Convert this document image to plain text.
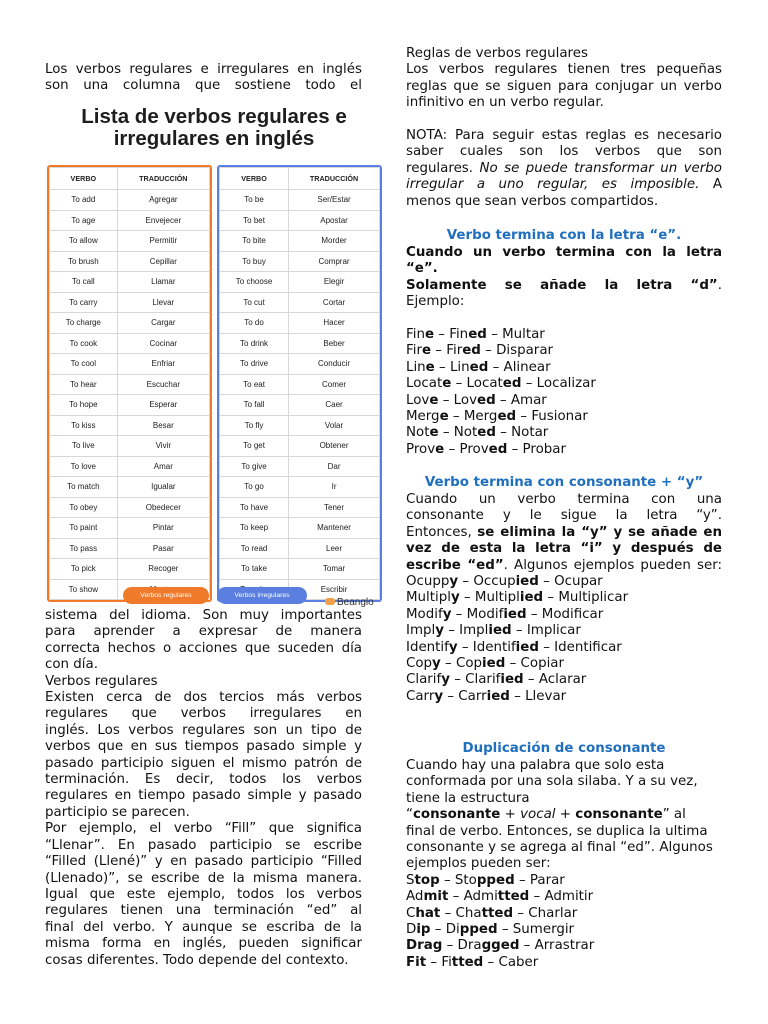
Los verbos regulares e irregulares en inglés
son una columna que sostiene todo el
Lista de verbos regulares e
irregulares en inglés
VERBO	TRADUCCIÓN
To add	Agregar
To age	Envejecer
To allow	Permitir
To brush	Cepillar
To call	Llamar
To carry	Llevar
To charge	Cargar
To cook	Cocinar
To cool	Enfriar
To hear	Escuchar
To hope	Esperar
To kiss	Besar
To live	Vivir
To love	Amar
To match	Igualar
To obey	Obedecer
To paint	Pintar
To pass	Pasar
To pick	Recoger
To show	
VERBO	TRADUCCIÓN
To be	Ser/Estar
To bet	Apostar
To bite	Morder
To buy	Comprar
To choose	Elegir
To cut	Cortar
To do	Hacer
To drink	Beber
To drive	Conducir
To eat	Comer
To fall	Caer
To fly	Volar
To get	Obtener
To give	Dar
To go	Ir
To have	Tener
To keep	Mantener
To read	Leer
To take	Tomar
	Escribir
Verbos regulares	Verbos irregulares
Beanglo
sistema del idioma. Son muy importantes
para aprender a expresar de manera
correcta hechos o acciones que suceden día
con día.
Verbos regulares
Existen cerca de dos tercios más verbos
regulares que verbos irregulares en
inglés. Los verbos regulares son un tipo de
verbos que en sus tiempos pasado simple y
pasado participio siguen el mismo patrón de
terminación. Es decir, todos los verbos
regulares en tiempo pasado simple y pasado
participio se parecen.
Por ejemplo, el verbo “Fill” que significa
“Llenar”. En pasado participio se escribe
“Filled (Llené)” y en pasado participio “Filled
(Llenado)”, se escribe de la misma manera.
Igual que este ejemplo, todos los verbos
regulares tienen una terminación “ed” al
final del verbo. Y aunque se escriba de la
misma forma en inglés, pueden significar
cosas diferentes. Todo depende del contexto.
Reglas de verbos regulares
Los verbos regulares tienen tres pequeñas
reglas que se siguen para conjugar un verbo
infinitivo en un verbo regular.
NOTA: Para seguir estas reglas es necesario
saber cuales son los verbos que son
regulares. No se puede transformar un verbo
irregular a uno regular, es imposible. A
menos que sean verbos compartidos.
Verbo termina con la letra “e”.
Cuando un verbo termina con la letra
“e”.
Solamente se añade la letra “d”.
Ejemplo:
Fine – Fined – Multar
Fire – Fired – Disparar
Line – Lined – Alinear
Locate – Located – Localizar
Love – Loved – Amar
Merge – Merged – Fusionar
Note – Noted – Notar
Prove – Proved – Probar
Verbo termina con consonante + “y”
Cuando un verbo termina con una
consonante y le sigue la letra “y”.
Entonces, se elimina la “y” y se añade en
vez de esta la letra “i” y después de
escribe “ed”. Algunos ejemplos pueden ser:
Ocuppy – Occupied – Ocupar
Multiply – Multiplied – Multiplicar
Modify – Modified – Modificar
Imply – Implied – Implicar
Identify – Identified – Identificar
Copy – Copied – Copiar
Clarify – Clarified – Aclarar
Carry – Carried – Llevar
Duplicación de consonante
Cuando hay una palabra que solo esta
conformada por una sola silaba. Y a su vez,
tiene la estructura
“consonante + vocal + consonante” al
final de verbo. Entonces, se duplica la ultima
consonante y se agrega al final “ed”. Algunos
ejemplos pueden ser:
Stop – Stopped – Parar
Admit – Admitted – Admitir
Chat – Chatted – Charlar
Dip – Dipped – Sumergir
Drag – Dragged – Arrastrar
Fit – Fitted – Caber
